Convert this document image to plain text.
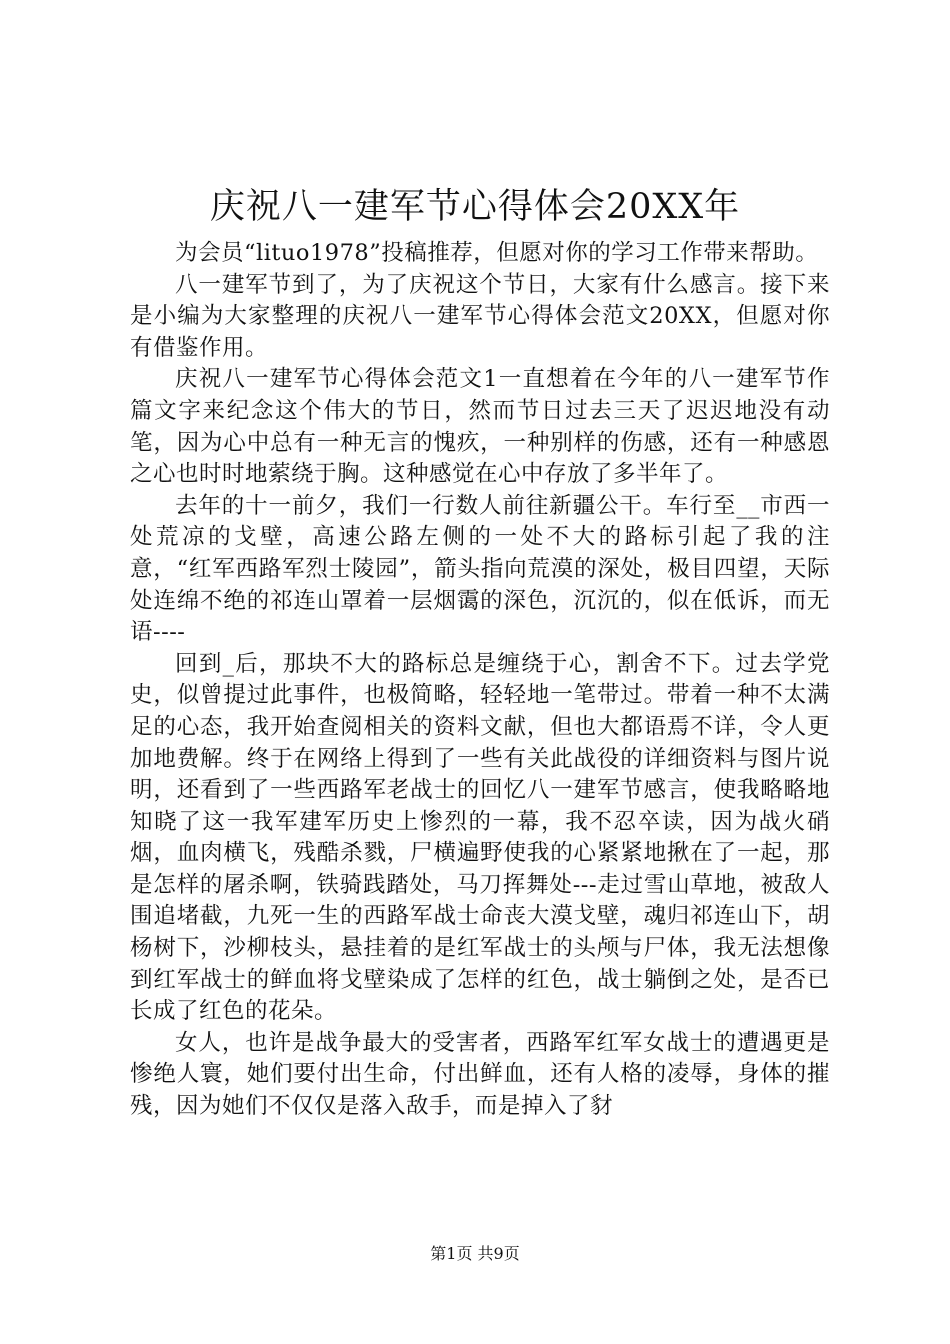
庆祝八一建军节心得体会20XX年

为会员“lituo1978”投稿推荐，但愿对你的学习工作带来帮助。

八一建军节到了，为了庆祝这个节日，大家有什么感言。接下来是小编为大家整理的庆祝八一建军节心得体会范文20XX，但愿对你有借鉴作用。

庆祝八一建军节心得体会范文1一直想着在今年的八一建军节作篇文字来纪念这个伟大的节日，然而节日过去三天了迟迟地没有动笔，因为心中总有一种无言的愧疚，一种别样的伤感，还有一种感恩之心也时时地萦绕于胸。这种感觉在心中存放了多半年了。

去年的十一前夕，我们一行数人前往新疆公干。车行至__市西一处荒凉的戈壁，高速公路左侧的一处不大的路标引起了我的注意，“红军西路军烈士陵园”，箭头指向荒漠的深处，极目四望，天际处连绵不绝的祁连山罩着一层烟霭的深色，沉沉的，似在低诉，而无语----

回到_后，那块不大的路标总是缠绕于心，割舍不下。过去学党史，似曾提过此事件，也极简略，轻轻地一笔带过。带着一种不太满足的心态，我开始查阅相关的资料文献，但也大都语焉不详，令人更加地费解。终于在网络上得到了一些有关此战役的详细资料与图片说明，还看到了一些西路军老战士的回忆八一建军节感言，使我略略地知晓了这一我军建军历史上惨烈的一幕，我不忍卒读，因为战火硝烟，血肉横飞，残酷杀戮，尸横遍野使我的心紧紧地揪在了一起，那是怎样的屠杀啊，铁骑践踏处，马刀挥舞处---走过雪山草地，被敌人围追堵截，九死一生的西路军战士命丧大漠戈壁，魂归祁连山下，胡杨树下，沙柳枝头，悬挂着的是红军战士的头颅与尸体，我无法想像到红军战士的鲜血将戈壁染成了怎样的红色，战士躺倒之处，是否已长成了红色的花朵。

女人，也许是战争最大的受害者，西路军红军女战士的遭遇更是惨绝人寰，她们要付出生命，付出鲜血，还有人格的凌辱，身体的摧残，因为她们不仅仅是落入敌手，而是掉入了豺

第1页 共9页
